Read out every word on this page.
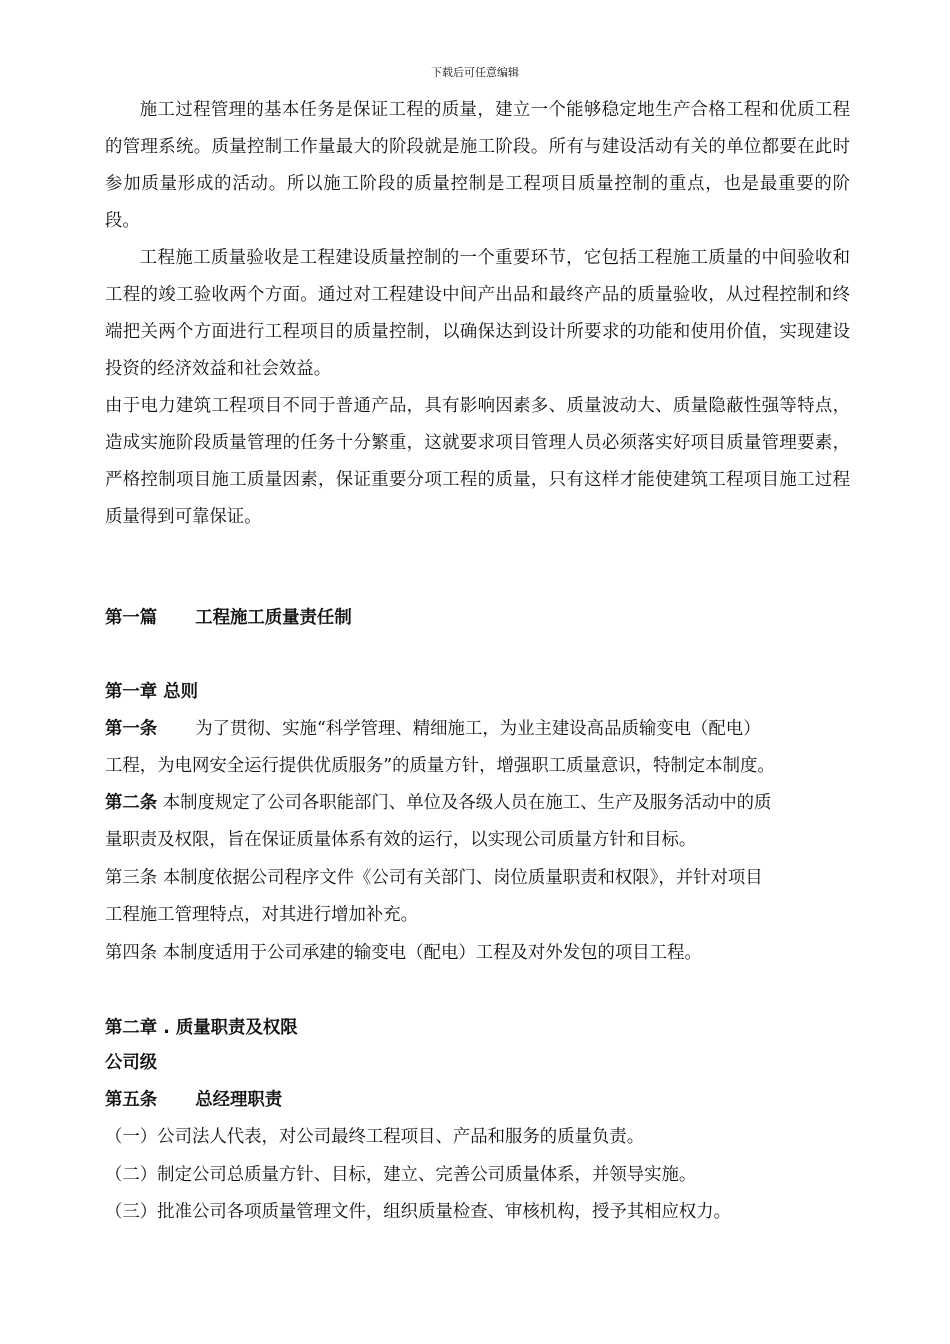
下载后可任意编辑

施工过程管理的基本任务是保证工程的质量，建立一个能够稳定地生产合格工程和优质工程的管理系统。质量控制工作量最大的阶段就是施工阶段。所有与建设活动有关的单位都要在此时参加质量形成的活动。所以施工阶段的质量控制是工程项目质量控制的重点，也是最重要的阶段。

工程施工质量验收是工程建设质量控制的一个重要环节，它包括工程施工质量的中间验收和工程的竣工验收两个方面。通过对工程建设中间产出品和最终产品的质量验收，从过程控制和终端把关两个方面进行工程项目的质量控制，以确保达到设计所要求的功能和使用价值，实现建设投资的经济效益和社会效益。

由于电力建筑工程项目不同于普通产品，具有影响因素多、质量波动大、质量隐蔽性强等特点，造成实施阶段质量管理的任务十分繁重，这就要求项目管理人员必须落实好项目质量管理要素，严格控制项目施工质量因素，保证重要分项工程的质量，只有这样才能使建筑工程项目施工过程质量得到可靠保证。

第一篇 工程施工质量责任制
第一章 总则
第一条 为了贯彻、实施“科学管理、精细施工，为业主建设高品质输变电（配电）
工程，为电网安全运行提供优质服务”的质量方针，增强职工质量意识，特制定本制度。
第二条 本制度规定了公司各职能部门、单位及各级人员在施工、生产及服务活动中的质
量职责及权限，旨在保证质量体系有效的运行，以实现公司质量方针和目标。
第三条 本制度依据公司程序文件《公司有关部门、岗位质量职责和权限》，并针对项目
工程施工管理特点，对其进行增加补充。
第四条 本制度适用于公司承建的输变电（配电）工程及对外发包的项目工程。
第二章 . 质量职责及权限
公司级
第五条 总经理职责
（一）公司法人代表，对公司最终工程项目、产品和服务的质量负责。
（二）制定公司总质量方针、目标，建立、完善公司质量体系，并领导实施。
（三）批准公司各项质量管理文件，组织质量检查、审核机构，授予其相应权力。
